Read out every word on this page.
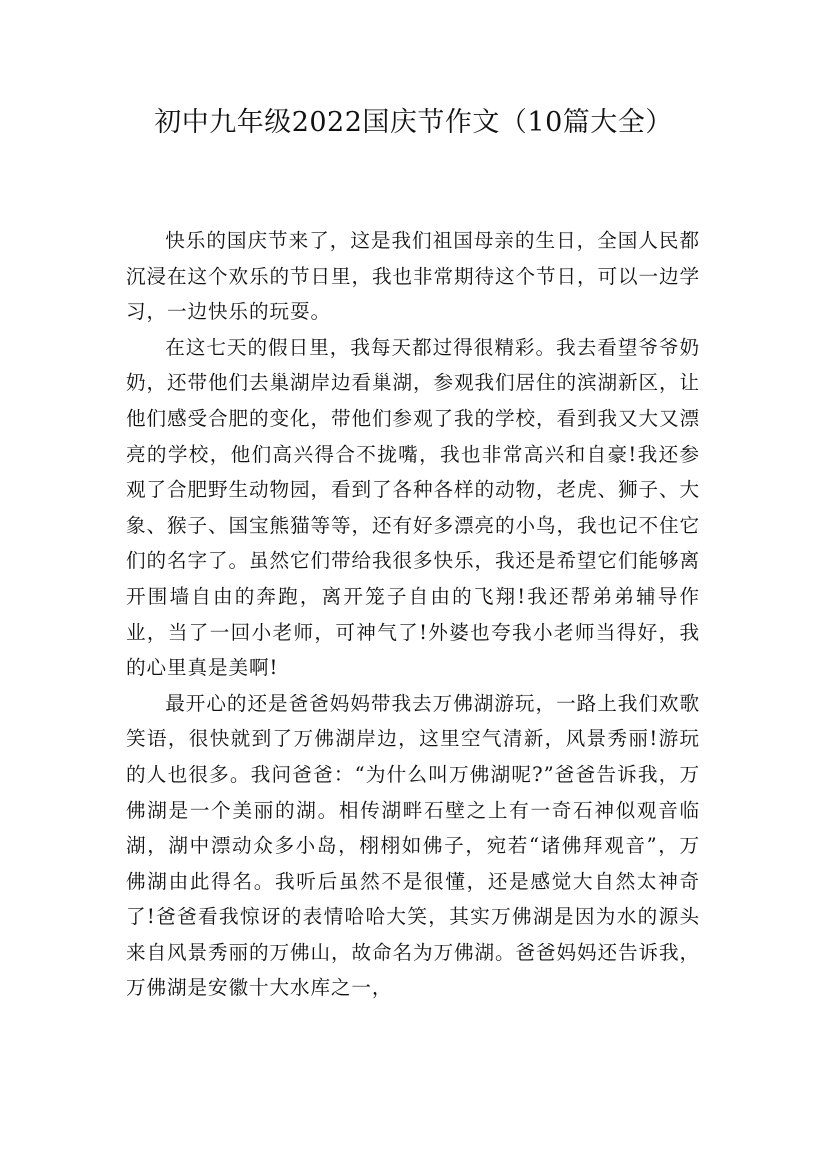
初中九年级2022国庆节作文（10篇大全）

快乐的国庆节来了，这是我们祖国母亲的生日，全国人民都沉浸在这个欢乐的节日里，我也非常期待这个节日，可以一边学习，一边快乐的玩耍。

在这七天的假日里，我每天都过得很精彩。我去看望爷爷奶奶，还带他们去巢湖岸边看巢湖，参观我们居住的滨湖新区，让他们感受合肥的变化，带他们参观了我的学校，看到我又大又漂亮的学校，他们高兴得合不拢嘴，我也非常高兴和自豪!我还参观了合肥野生动物园，看到了各种各样的动物，老虎、狮子、大象、猴子、国宝熊猫等等，还有好多漂亮的小鸟，我也记不住它们的名字了。虽然它们带给我很多快乐，我还是希望它们能够离开围墙自由的奔跑，离开笼子自由的飞翔!我还帮弟弟辅导作业，当了一回小老师，可神气了!外婆也夸我小老师当得好，我的心里真是美啊!

最开心的还是爸爸妈妈带我去万佛湖游玩，一路上我们欢歌笑语，很快就到了万佛湖岸边，这里空气清新，风景秀丽!游玩的人也很多。我问爸爸：“为什么叫万佛湖呢?”爸爸告诉我，万佛湖是一个美丽的湖。相传湖畔石壁之上有一奇石神似观音临湖，湖中漂动众多小岛，栩栩如佛子，宛若“诸佛拜观音”，万佛湖由此得名。我听后虽然不是很懂，还是感觉大自然太神奇了!爸爸看我惊讶的表情哈哈大笑，其实万佛湖是因为水的源头来自风景秀丽的万佛山，故命名为万佛湖。爸爸妈妈还告诉我，万佛湖是安徽十大水库之一，
